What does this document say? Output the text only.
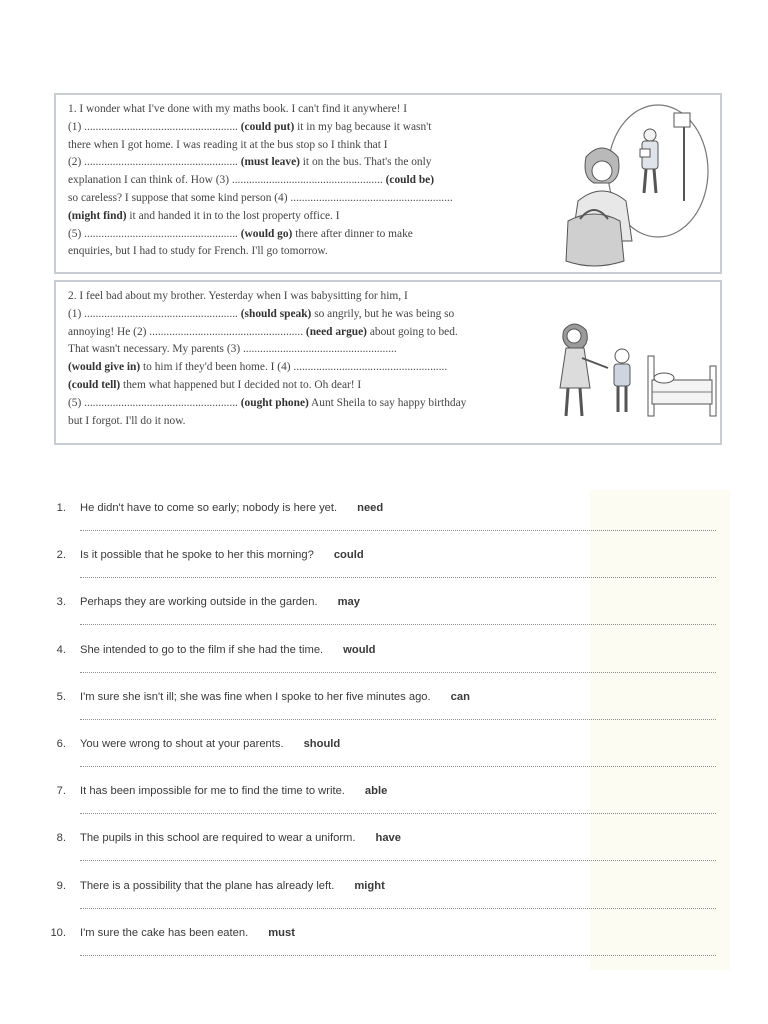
1. I wonder what I've done with my maths book. I can't find it anywhere! I
(1) ...................................................... (could put) it in my bag because it wasn't
there when I got home. I was reading it at the bus stop so I think that I
(2) ...................................................... (must leave) it on the bus. That's the only
explanation I can think of. How (3) ..................................................... (could be)
so careless? I suppose that some kind person (4) .........................................................
(might find) it and handed it in to the lost property office. I
(5) ...................................................... (would go) there after dinner to make
enquiries, but I had to study for French. I'll go tomorrow.
2. I feel bad about my brother. Yesterday when I was babysitting for him, I
(1) ...................................................... (should speak) so angrily, but he was being so
annoying! He (2) ...................................................... (need argue) about going to bed.
That wasn't necessary. My parents (3) ......................................................
(would give in) to him if they'd been home. I (4) ......................................................
(could tell) them what happened but I decided not to. Oh dear! I
(5) ...................................................... (ought phone) Aunt Sheila to say happy birthday
but I forgot. I'll do it now.
1. He didn't have to come so early; nobody is here yet. need
2. Is it possible that he spoke to her this morning? could
3. Perhaps they are working outside in the garden. may
4. She intended to go to the film if she had the time. would
5. I'm sure she isn't ill; she was fine when I spoke to her five minutes ago. can
6. You were wrong to shout at your parents. should
7. It has been impossible for me to find the time to write. able
8. The pupils in this school are required to wear a uniform. have
9. There is a possibility that the plane has already left. might
10. I'm sure the cake has been eaten. must
